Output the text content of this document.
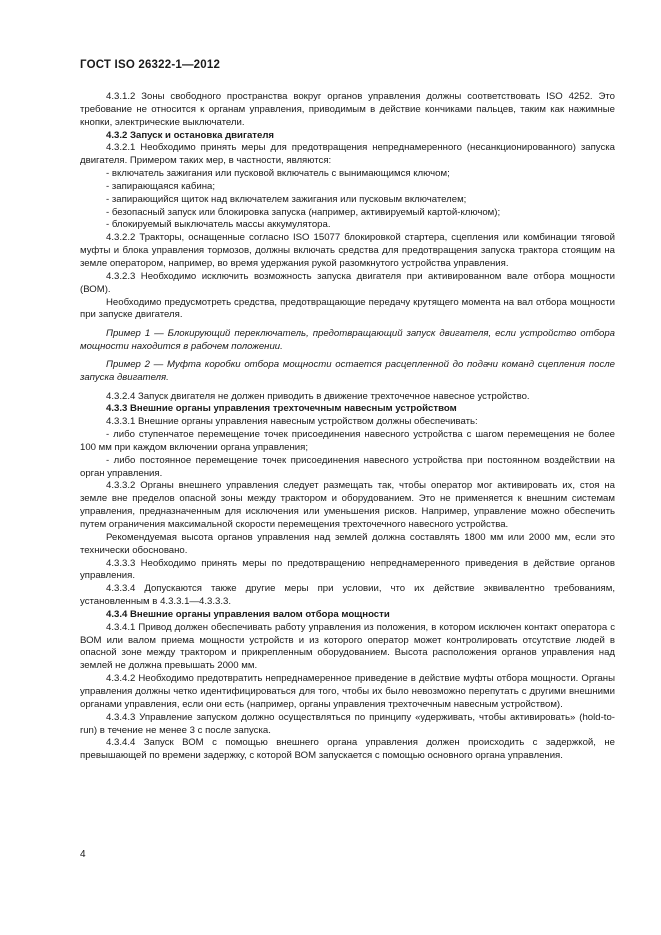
ГОСТ ISO 26322-1—2012

4.3.1.2 Зоны свободного пространства вокруг органов управления должны соответствовать ISO 4252. Это требование не относится к органам управления, приводимым в действие кончиками пальцев, таким как нажимные кнопки, электрические выключатели.

4.3.2 Запуск и остановка двигателя

4.3.2.1 Необходимо принять меры для предотвращения непреднамеренного (несанкционированного) запуска двигателя. Примером таких мер, в частности, являются:

- включатель зажигания или пусковой включатель с вынимающимся ключом;

- запирающаяся кабина;

- запирающийся щиток над включателем зажигания или пусковым включателем;

- безопасный запуск или блокировка запуска (например, активируемый картой-ключом);

- блокируемый выключатель массы аккумулятора.

4.3.2.2 Тракторы, оснащенные согласно ISO 15077 блокировкой стартера, сцепления или комбинации тяговой муфты и блока управления тормозов, должны включать средства для предотвращения запуска трактора стоящим на земле оператором, например, во время удержания рукой разомкнутого устройства управления.

4.3.2.3 Необходимо исключить возможность запуска двигателя при активированном вале отбора мощности (ВОМ).

Необходимо предусмотреть средства, предотвращающие передачу крутящего момента на вал отбора мощности при запуске двигателя.

Пример 1 — Блокирующий переключатель, предотвращающий запуск двигателя, если устройство отбора мощности находится в рабочем положении.

Пример 2 — Муфта коробки отбора мощности остается расцепленной до подачи команд сцепления после запуска двигателя.

4.3.2.4 Запуск двигателя не должен приводить в движение трехточечное навесное устройство.

4.3.3 Внешние органы управления трехточечным навесным устройством

4.3.3.1 Внешние органы управления навесным устройством должны обеспечивать:

- либо ступенчатое перемещение точек присоединения навесного устройства с шагом перемещения не более 100 мм при каждом включении органа управления;

- либо постоянное перемещение точек присоединения навесного устройства при постоянном воздействии на орган управления.

4.3.3.2 Органы внешнего управления следует размещать так, чтобы оператор мог активировать их, стоя на земле вне пределов опасной зоны между трактором и оборудованием. Это не применяется к внешним системам управления, предназначенным для исключения или уменьшения рисков. Например, управление можно обеспечить путем ограничения максимальной скорости перемещения трехточечного навесного устройства.

Рекомендуемая высота органов управления над землей должна составлять 1800 мм или 2000 мм, если это технически обосновано.

4.3.3.3 Необходимо принять меры по предотвращению непреднамеренного приведения в действие органов управления.

4.3.3.4 Допускаются также другие меры при условии, что их действие эквивалентно требованиям, установленным в 4.3.3.1—4.3.3.3.

4.3.4 Внешние органы управления валом отбора мощности

4.3.4.1 Привод должен обеспечивать работу управления из положения, в котором исключен контакт оператора с ВОМ или валом приема мощности устройств и из которого оператор может контролировать отсутствие людей в опасной зоне между трактором и прикрепленным оборудованием. Высота расположения органов управления над землей не должна превышать 2000 мм.

4.3.4.2 Необходимо предотвратить непреднамеренное приведение в действие муфты отбора мощности. Органы управления должны четко идентифицироваться для того, чтобы их было невозможно перепутать с другими внешними органами управления, если они есть (например, органы управления трехточечным навесным устройством).

4.3.4.3 Управление запуском должно осуществляться по принципу «удерживать, чтобы активировать» (hold-to-run) в течение не менее 3 с после запуска.

4.3.4.4 Запуск ВОМ с помощью внешнего органа управления должен происходить с задержкой, не превышающей по времени задержку, с которой ВОМ запускается с помощью основного органа управления.

4
